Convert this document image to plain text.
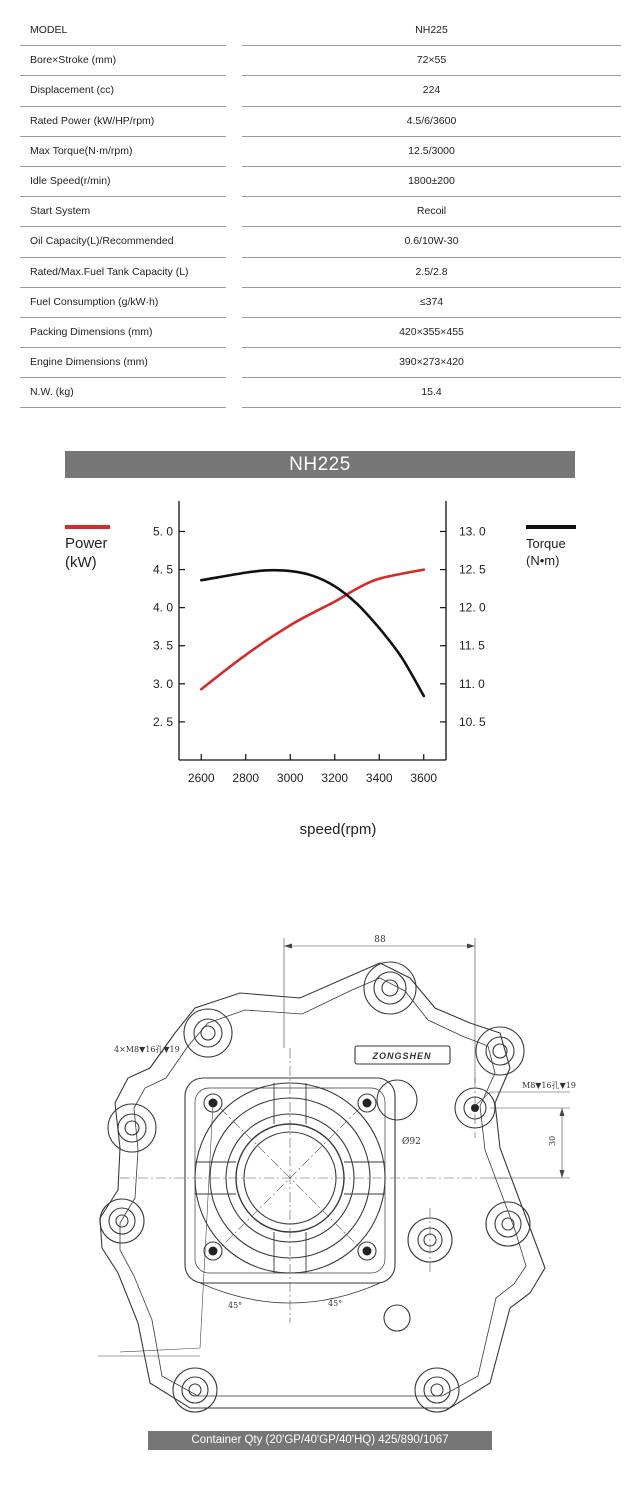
MODEL	NH225
Bore×Stroke (mm)	72×55
Displacement (cc)	224
Rated Power (kW/HP/rpm)	4.5/6/3600
Max Torque(N·m/rpm)	12.5/3000
Idle Speed(r/min)	1800±200
Start System	Recoil
Oil Capacity(L)/Recommended	0.6/10W-30
Rated/Max.Fuel Tank Capacity (L)	2.5/2.8
Fuel Consumption (g/kW·h)	≤374
Packing Dimensions (mm)	420×355×455
Engine Dimensions (mm)	390×273×420
N.W. (kg)	15.4
NH225
2. 5
3. 0
3. 5
4. 0
4. 5
5. 0
10. 5
11. 0
11. 5
12. 0
12. 5
13. 0
2600 2800 3000 3200 3400 3600
Power
(kW)
Torque
(N•m)
speed(rpm)
88
30
Ø92
45°	45°
4×M8▼16孔▼19
M8▼16孔▼19
ZONGSHEN
Container Qty (20'GP/40'GP/40'HQ) 425/890/1067
